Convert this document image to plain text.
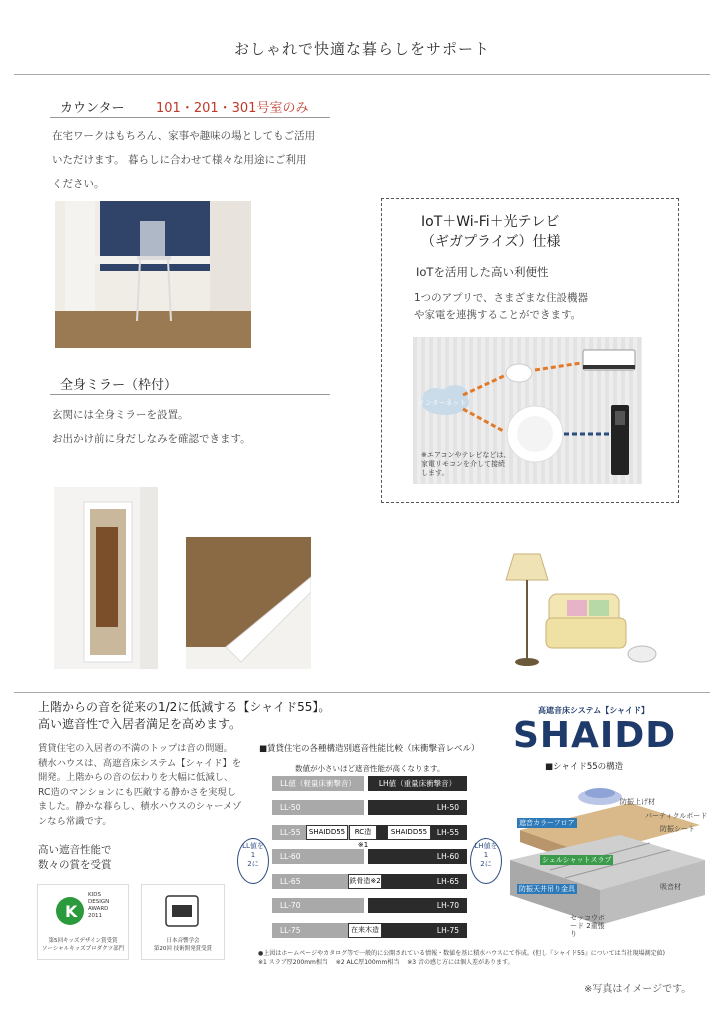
おしゃれで快適な暮らしをサポート
カウンター 101・201・301号室のみ
在宅ワークはもちろん、家事や趣味の場としてもご活用
いただけます。 暮らしに合わせて様々な用途にご利用
ください。
全身ミラー（枠付）
玄関には全身ミラーを設置。
お出かけ前に身だしなみを確認できます。
IoT＋Wi-Fi＋光テレビ
（ギガプライズ）仕様
IoTを活用した高い利便性
1つのアプリで、さまざまな住設機器
や家電を連携することができます。
インターネット
※エアコンやテレビなどは、
家電リモコンを介して接続
します。
上階からの音を従来の1/2に低減する【シャイド55】。
高い遮音性で入居者満足を高めます。
賃貸住宅の入居者の不満のトップは音の問題。
積水ハウスは、高遮音床システム【シャイド】を
開発。上階からの音の伝わりを大幅に低減し、
RC造のマンションにも匹敵する静かさを実現し
ました。静かな暮らし、積水ハウスのシャーメゾ
ンなら常識です。
高い遮音性能で
数々の賞を受賞
K
KIDS
DESIGN
AWARD
2011
第5回キッズデザイン賞受賞
ソーシャルキッズプロダクツ部門
日本音響学会
第20回 技術開発賞受賞
■賃貸住宅の各種構造別遮音性能比較（床衝撃音レベル）
数値が小さいほど遮音性能が高くなります。
LL値（軽量床衝撃音）	LH値（重量床衝撃音）
LL-50	LH-50
LL-55	LH-55
SHAIDD55	RC造※1
SHAIDD55
LL-60	LH-60
LL-65	LH-65
鉄骨造※2
LL-70	LH-70
LL-75	LH-75
在来木造
LL値を
1
2に
LH値を
1
2に
高遮音床システム【シャイド】
SHAIDD
■シャイド55の構造
遮音カラーフロア
シェルシャットスラブ
防振天井吊り金具
防振上げ材
パーティクルボード
防振シート
吸音材
セッコウボード 2重張り
●上図はホームページやカタログ等で一般的に公開されている情報・数値を基に積水ハウスにて作成。(但し『シャイド55』については当社現場測定値)
※1 スラブ厚200mm相当　 ※2 ALC厚100mm相当　 ※3 音の感じ方には個人差があります。
※写真はイメージです。
